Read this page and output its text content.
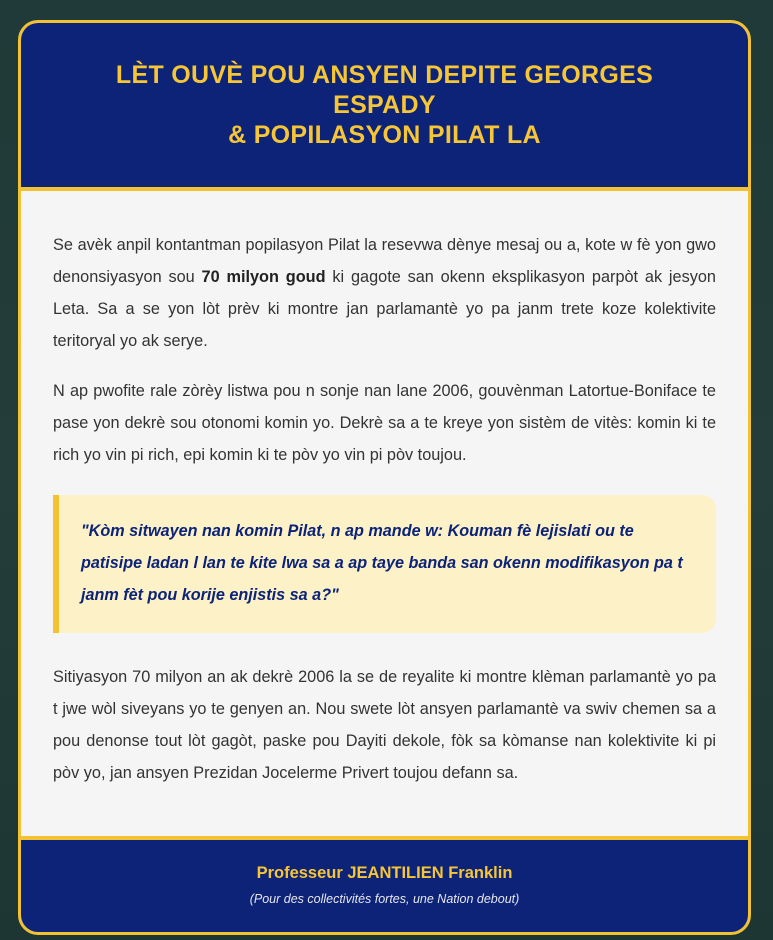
LÈT OUVÈ POU ANSYEN DEPITE GEORGES ESPADY
& POPILASYON PILAT LA

Se avèk anpil kontantman popilasyon Pilat la resevwa dènye mesaj ou a, kote w fè yon gwo denonsiyasyon sou 70 milyon goud ki gagote san okenn eksplikasyon parpòt ak jesyon Leta. Sa a se yon lòt prèv ki montre jan parlamantè yo pa janm trete koze kolektivite teritoryal yo ak serye.

N ap pwofite rale zòrèy listwa pou n sonje nan lane 2006, gouvènman Latortue-Boniface te pase yon dekrè sou otonomi komin yo. Dekrè sa a te kreye yon sistèm de vitès: komin ki te rich yo vin pi rich, epi komin ki te pòv yo vin pi pòv toujou.

"Kòm sitwayen nan komin Pilat, n ap mande w: Kouman fè lejislati ou te patisipe ladan l lan te kite lwa sa a ap taye banda san okenn modifikasyon pa t janm fèt pou korije enjistis sa a?"

Sitiyasyon 70 milyon an ak dekrè 2006 la se de reyalite ki montre klèman parlamantè yo pa t jwe wòl siveyans yo te genyen an. Nou swete lòt ansyen parlamantè va swiv chemen sa a pou denonse tout lòt gagòt, paske pou Dayiti dekole, fòk sa kòmanse nan kolektivite ki pi pòv yo, jan ansyen Prezidan Jocelerme Privert toujou defann sa.

Professeur JEANTILIEN Franklin
(Pour des collectivités fortes, une Nation debout)
